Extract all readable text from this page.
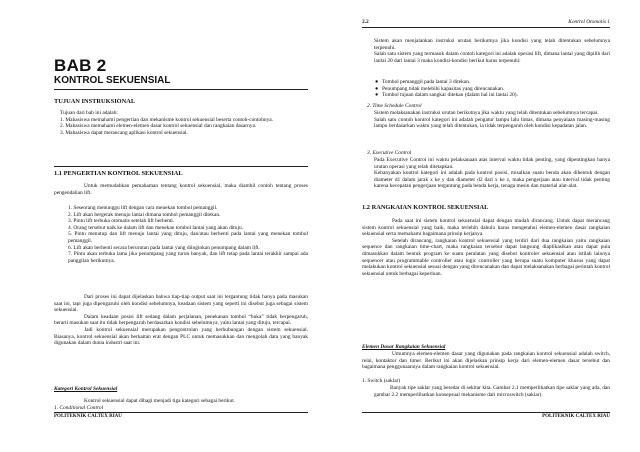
BAB 2
KONTROL SEKUENSIAL
TUJUAN INSTRUKSIONAL
Tujuan dari bab ini adalah:
1. Mahasiswa memahami pengertian dan mekanisme kontrol sekuensial beserta contoh-contohnya.
2. Mahasiswa memahami elemen-elemen dasar kontrol sekuensial dan rangkaian dasarnya.
3. Mahasiswa dapat merancang aplikasi kontrol sekuensial.
1.1 PENGERTIAN KONTROL SEKUENSIAL
Untuk memudahkan pemahaman tentang kontrol sekuensial, maka diambil contoh tentang proses pengendalian lift.
1. Seseorang menunggu lift dengan cara menekan tombol pemanggil.
2. Lift akan bergerak menuju lantai dimana tombol pemanggil ditekan.
3. Pintu lift terbuka otomatis setelah lift berhenti.
4. Orang tersebut naik ke dalam lift dan menekan tombol lantai yang akan dituju.
5. Pintu menutup dan lift menuju lantai yang dituju, dan/atau berhenti pada lantai yang menekan tombol pemanggil.
6. Lift akan berhenti secara berurutan pada lantai yang diinginkan penumpang dalam lift.
7. Pintu akan terbuka lama jika penumpang yang turun banyak, dan lift tetap pada lantai terakhir sampai ada panggilan berikutnya.
Dari proses ini dapat dijelaskan bahwa tiap-tiap output saat ini tergantung tidak hanya pada masukan saat ini, tapi juga dipengaruhi oleh kondisi sebelumnya, keadaan sistem yang seperti ini disebut juga sebagai sistem sekuensial.
Dalam keadaan posisi lift sedang dalam perjalanan, penekanan tombol “buka” tidak berpengaruh, berarti masukan saat itu tidak berpengaruh berdasarkan kondisi sebelumnya, yaitu lantai yang dituju, tercapai.
Jadi kontrol sekuensial merupakan pengontrolan yang berhubungan dengan sistem sekuensial. Biasanya, kontrol sekuensial akan berkaitan erat dengan PLC untuk memasukkan dan mengolah data yang banyak digunakan dalam dunia industri saat ini.
Kategori Kontrol Sekuensial
Kontrol sekuensial dapat dibagi menjadi tiga kategori sebagai berikut.
1. Conditional Control
POLITEKNIK CALTEX RIAU
2.2	Kontrol Otomatis 1
Sistem akan menjalankan instruksi urutan berikutnya jika kondisi yang telah ditentukan sebelumnya terpenuhi.
Salah satu sistem yang termasuk dalam contoh kategori ini adalah operasi lift, dimana lantai yang dipilih dari lantai 20 dari lantai 3 maka kondisi-kondisi berikut harus terpenuhi:
● Tombol pemanggil pada lantai 3 ditekan.
● Penumpang tidak melebihi kapasitas yang direncanakan.
● Tombol tujuan dalam sangkar ditekan (dalam hal ini lantai 20).
2. Time Schedule Control
Sistem melaksanakan instruksi urutan berikutnya jika waktu yang telah ditentukan sebelumnya tercapai.
Salah satu contoh kontrol kategori ini adalah pengatur lampu lalu lintas, dimana penyalaan masing-masing lampu berdasarkan waktu yang telah ditentukan, ia tidak terpengaruh oleh kondisi kepadatan jalan.
3. Executive Control
Pada Executive Control ini waktu pelaksanaan atas interval waktu tidak penting, yang dipentingkan hanya urutan operasi yang telah ditetapkan.
Kebanyakan kontrol kategori ini adalah pada kontrol posisi, misalkan suatu benda akan dibentuk dengan diameter d1 dalam jarak x ke y dan diameter d2 dari x ke z, maka pengerjaan atau interval tidak penting karena kecepatan pengerjaan tergantung pada benda kerja, tenaga mesin dan material alat-alat.
1.2 RANGKAIAN KONTROL SEKUENSIAL
Pada saat ini sistem kontrol sekuensial dapat dengan mudah dirancang. Untuk dapat merancang sistem kontrol sekuensial yang baik, maka terlebih dahulu harus mengetahui elemen-elemen dasar rangkaian sekuensial serta memahami bagaimana prinsip kerjanya.
Setelah dirancang, rangkaian kontrol sekuensial yang terdiri dari dua rangkaian yaitu rangkaian sequence dan rangkaian time-chart, maka rangkaian tersebut dapat langsung diaplikasikan atau dapat pula dimasukkan dalam bentuk program ke suatu peralatan yang disebut kontroler sekuensial atau istilah lainnya sequencer atau programmable controller atau logic controller yang berupa suatu komputer khusus yang dapat melakukan kontrol sekuensial sesuai dengan yang direncanakan dan dapat melaksanakan berbagai perintah kontrol sekuensial untuk berbagai keperluan.
Elemen Dasar Rangkaian Sekuensial
Umumnya elemen-elemen dasar yang digunakan pada rangkaian kontrol sekuensial adalah switch, relai, kontaktor dan timer. Berikut ini akan dijelaskan prinsip kerja dari elemen-elemen dasar tersebut dan bagaimana penggunaannya dalam rangkaian kontrol sekuensial.
1. Switch (saklar)
Banyak tipe saklar yang beredar di sekitar kita. Gambar 2.1 memperlihatkan tipe saklar yang ada, dan gambar 2.2 memperlihatkan konsepsual mekanisme dari microswitch (saklar).
POLITEKNIK CALTEX RIAU
